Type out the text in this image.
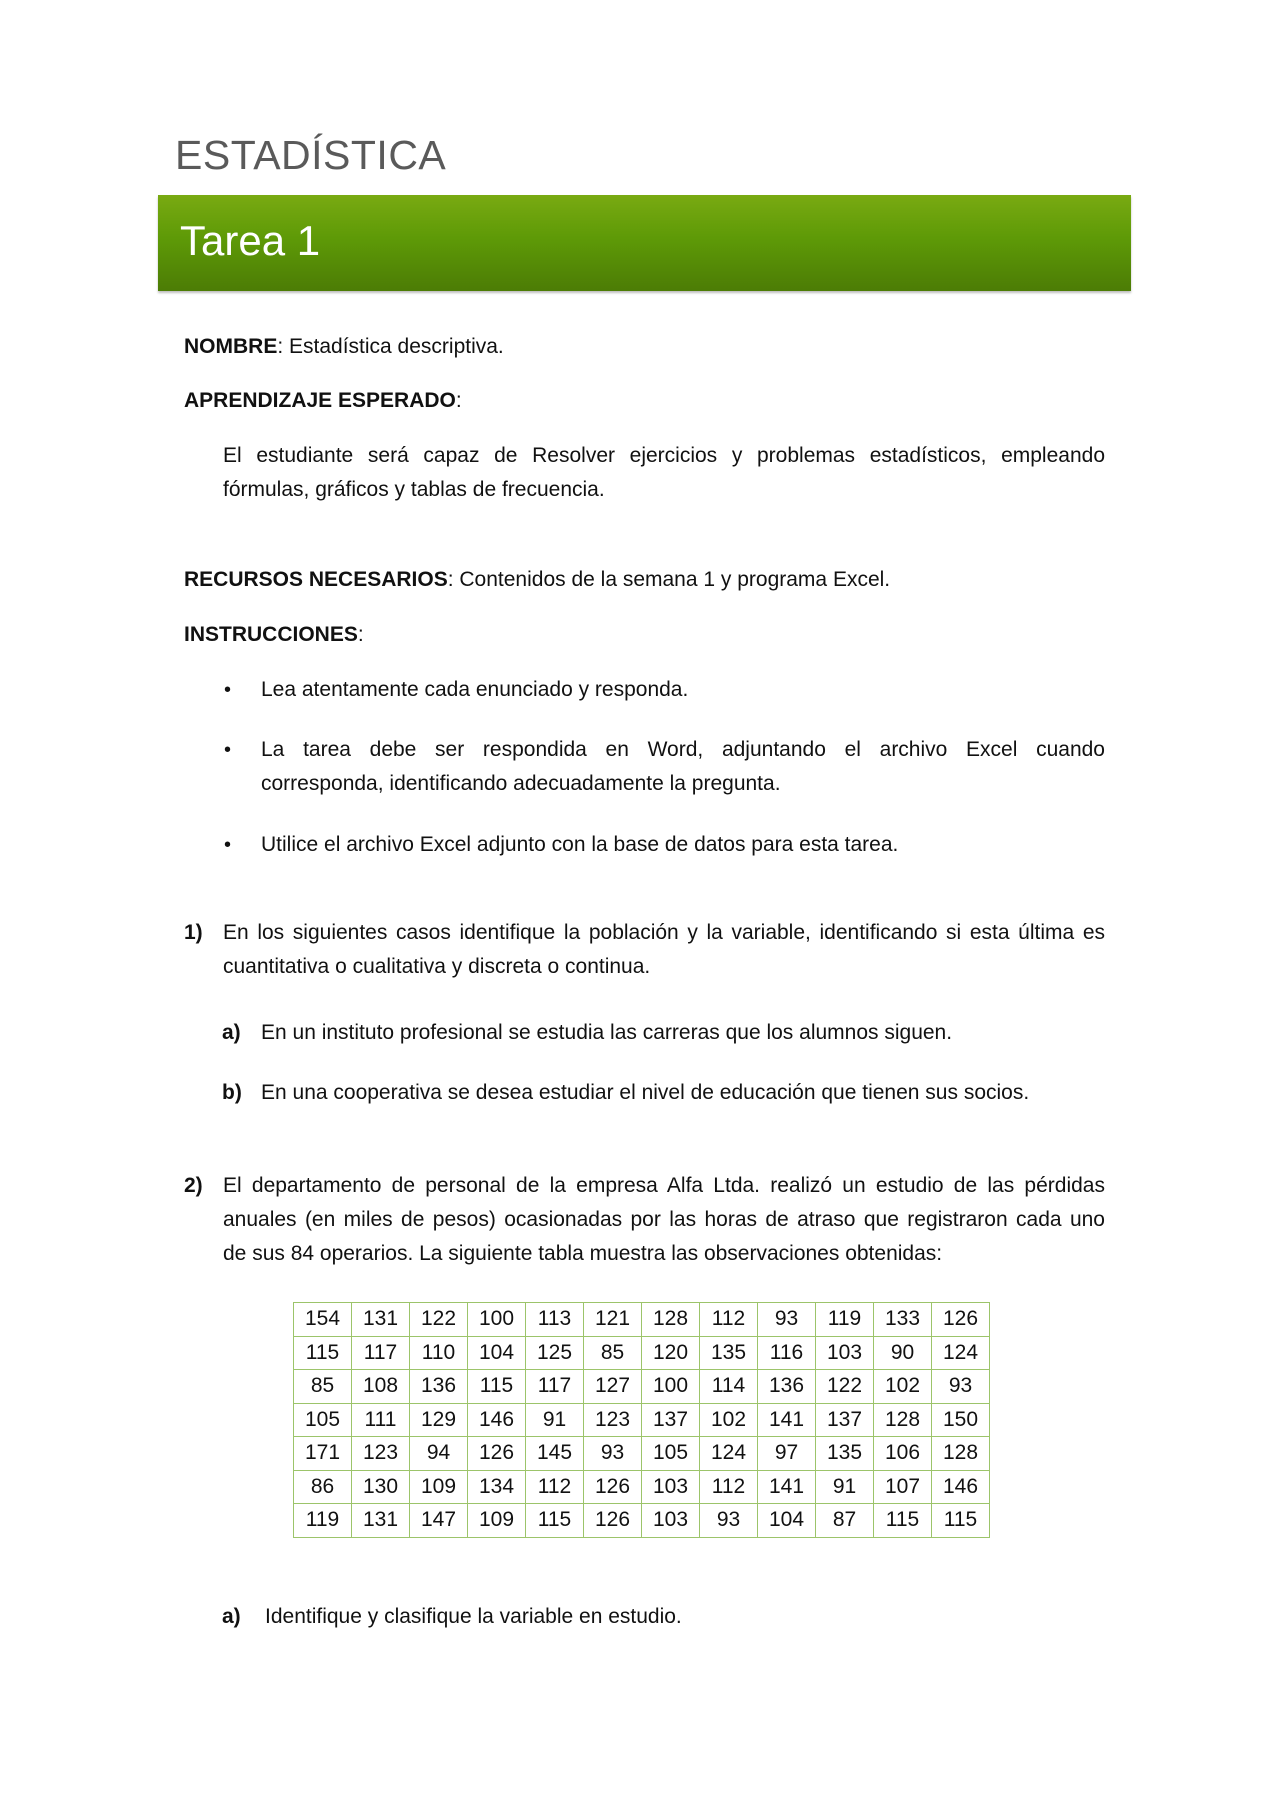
ESTADÍSTICA
Tarea 1

NOMBRE: Estadística descriptiva.

APRENDIZAJE ESPERADO:

El estudiante será capaz de Resolver ejercicios y problemas estadísticos, empleando
fórmulas, gráficos y tablas de frecuencia.

RECURSOS NECESARIOS: Contenidos de la semana 1 y programa Excel.

INSTRUCCIONES:

• Lea atentamente cada enunciado y responda.

• La tarea debe ser respondida en Word, adjuntando el archivo Excel cuando
corresponda, identificando adecuadamente la pregunta.
• Utilice el archivo Excel adjunto con la base de datos para esta tarea.

1) En los siguientes casos identifique la población y la variable, identificando si esta última es
cuantitativa o cualitativa y discreta o continua.
a) En un instituto profesional se estudia las carreras que los alumnos siguen.

b) En una cooperativa se desea estudiar el nivel de educación que tienen sus socios.

2) El departamento de personal de la empresa Alfa Ltda. realizó un estudio de las pérdidas
anuales (en miles de pesos) ocasionadas por las horas de atraso que registraron cada uno
de sus 84 operarios. La siguiente tabla muestra las observaciones obtenidas:
154	131	122	100	113	121	128	112	93	119	133	126
115	117	110	104	125	85	120	135	116	103	90	124
85	108	136	115	117	127	100	114	136	122	102	93
105	111	129	146	91	123	137	102	141	137	128	150
171	123	94	126	145	93	105	124	97	135	106	128
86	130	109	134	112	126	103	112	141	91	107	146
119	131	147	109	115	126	103	93	104	87	115	115
a) Identifique y clasifique la variable en estudio.
